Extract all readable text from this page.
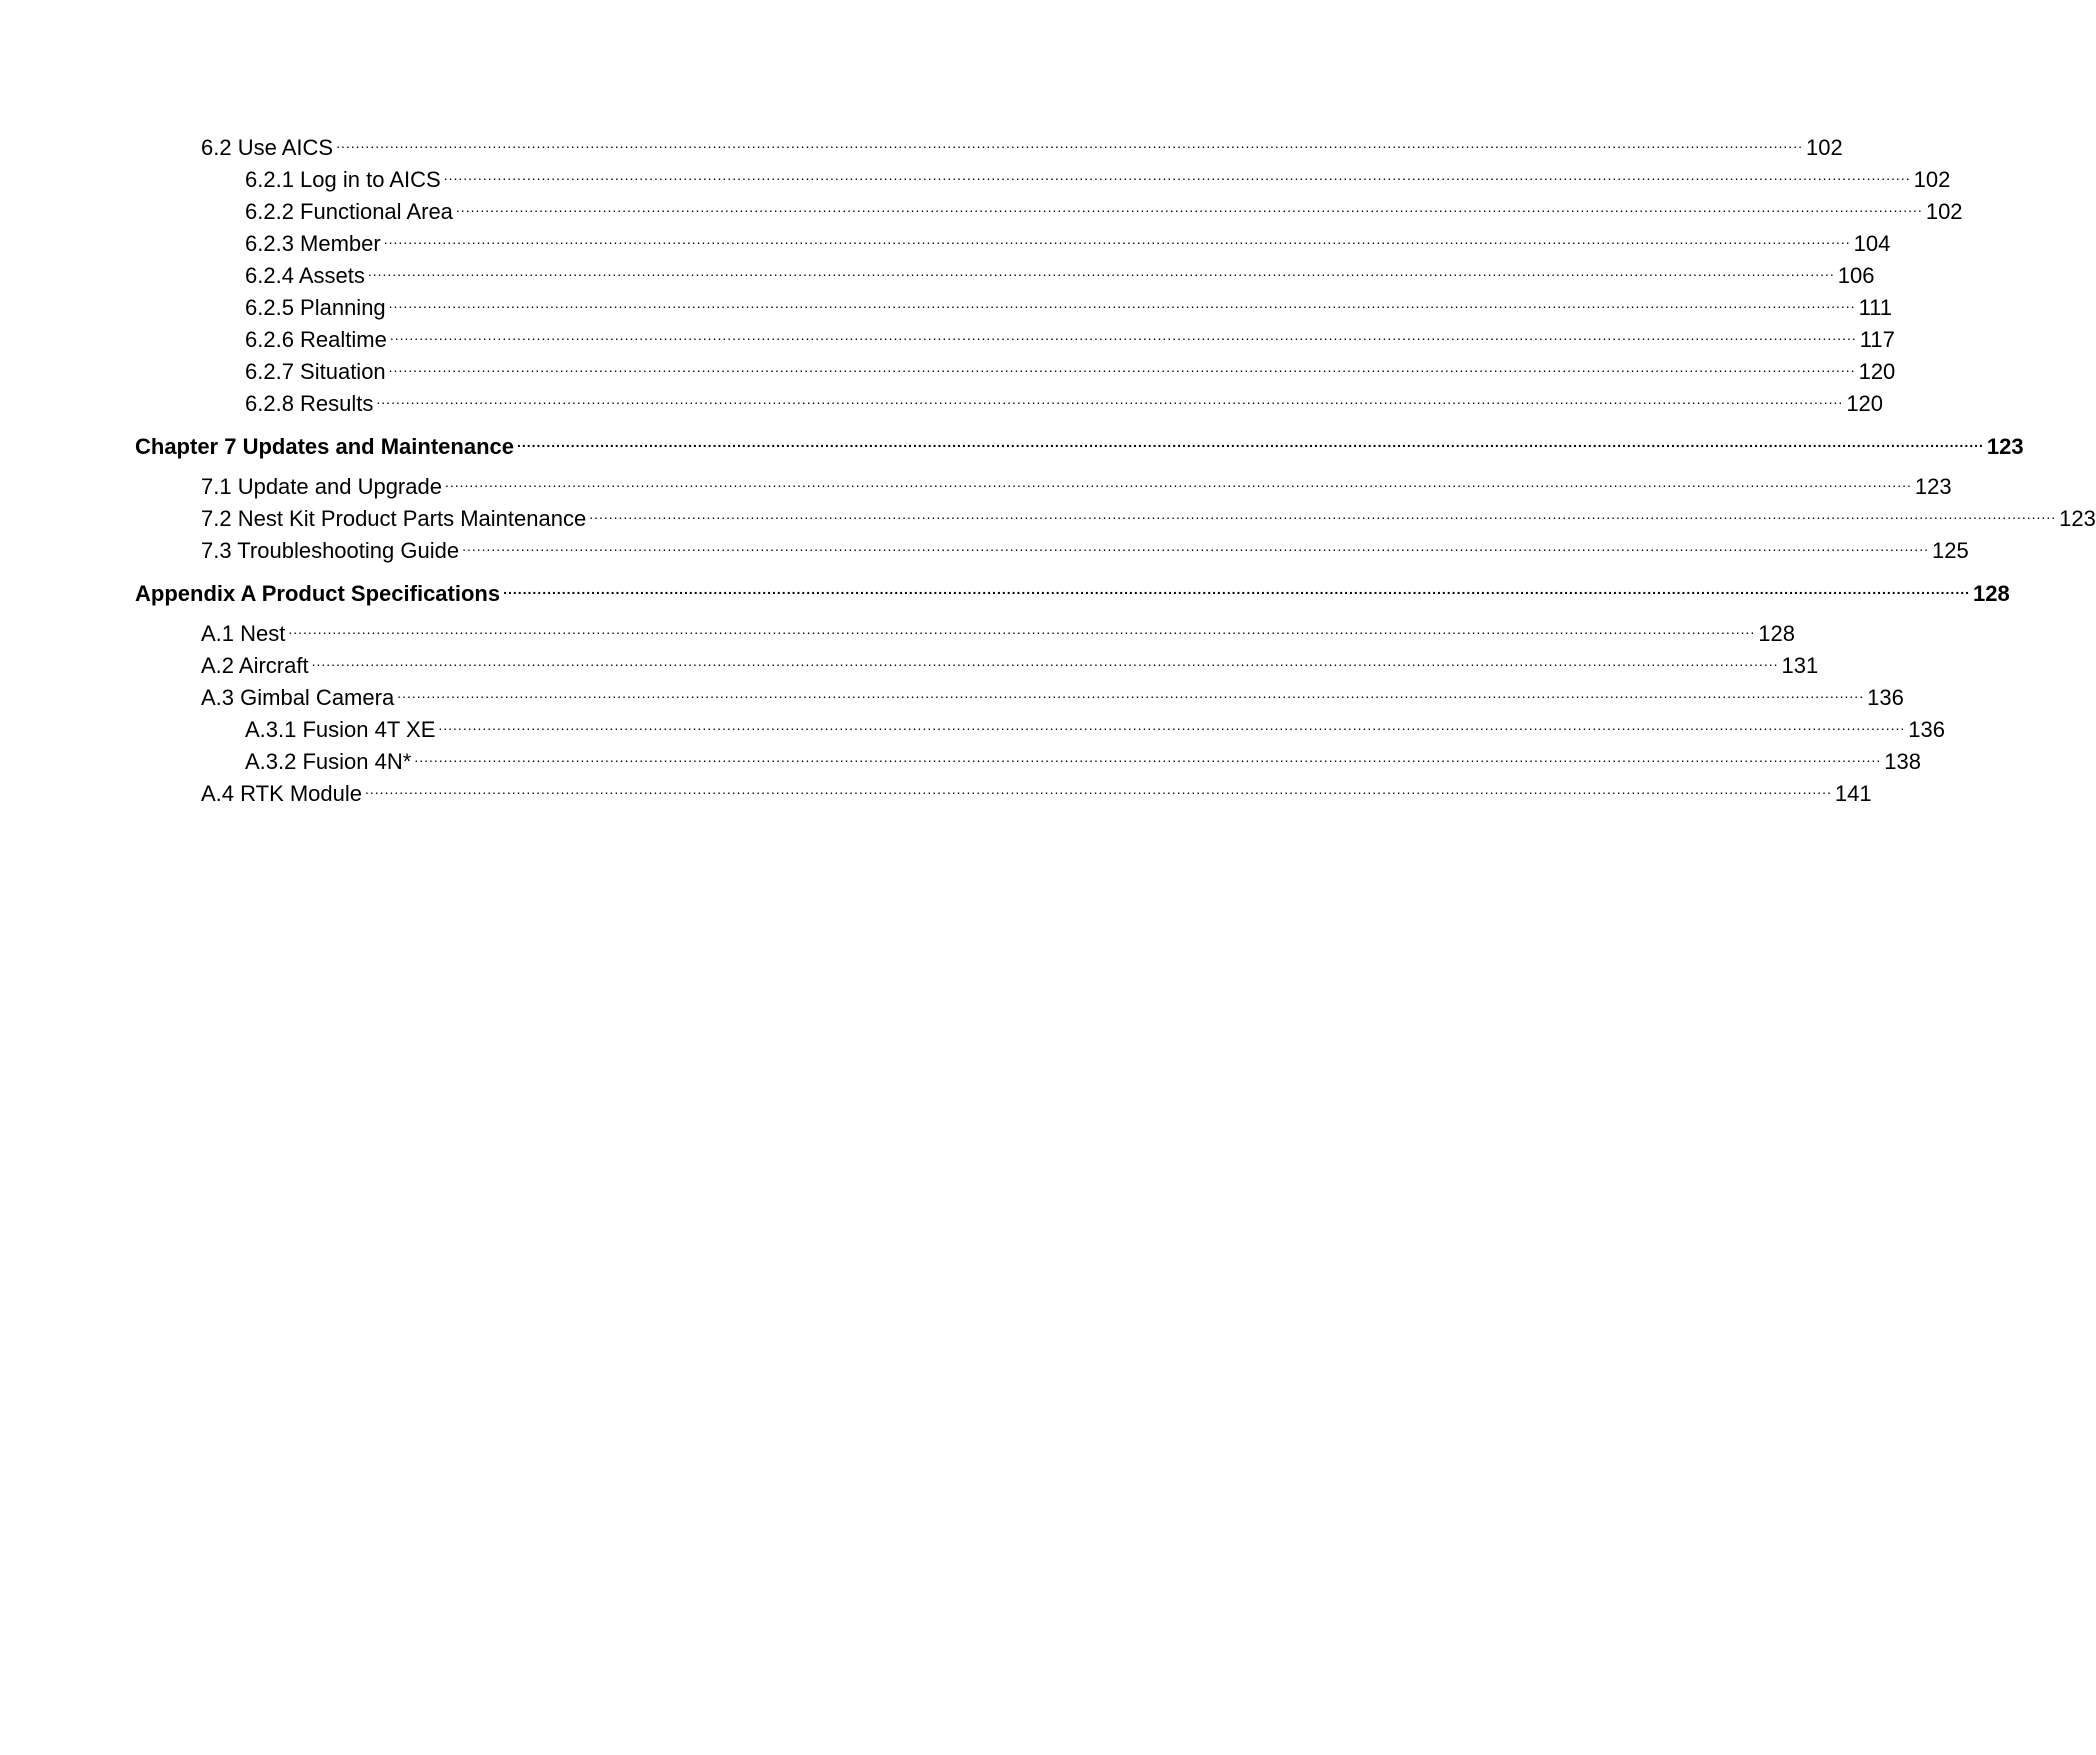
6.2 Use AICS ............................................................................................................................................................................................................................................................................................................ 102
6.2.1 Log in to AICS ............................................................................................................................................................................................................................................................................................................ 102
6.2.2 Functional Area ............................................................................................................................................................................................................................................................................................................ 102
6.2.3 Member ............................................................................................................................................................................................................................................................................................................ 104
6.2.4 Assets ............................................................................................................................................................................................................................................................................................................ 106
6.2.5 Planning ............................................................................................................................................................................................................................................................................................................ 111
6.2.6 Realtime ............................................................................................................................................................................................................................................................................................................ 117
6.2.7 Situation ............................................................................................................................................................................................................................................................................................................ 120
6.2.8 Results ............................................................................................................................................................................................................................................................................................................ 120
Chapter 7 Updates and Maintenance ............................................................................................................................................................................................................................................................................................................ 123
7.1 Update and Upgrade ............................................................................................................................................................................................................................................................................................................ 123
7.2 Nest Kit Product Parts Maintenance ............................................................................................................................................................................................................................................................................................................ 123
7.3 Troubleshooting Guide ............................................................................................................................................................................................................................................................................................................ 125
Appendix A Product Specifications ............................................................................................................................................................................................................................................................................................................ 128
A.1 Nest ............................................................................................................................................................................................................................................................................................................ 128
A.2 Aircraft ............................................................................................................................................................................................................................................................................................................ 131
A.3 Gimbal Camera ............................................................................................................................................................................................................................................................................................................ 136
A.3.1 Fusion 4T XE ............................................................................................................................................................................................................................................................................................................ 136
A.3.2 Fusion 4N* ............................................................................................................................................................................................................................................................................................................ 138
A.4 RTK Module ............................................................................................................................................................................................................................................................................................................ 141
